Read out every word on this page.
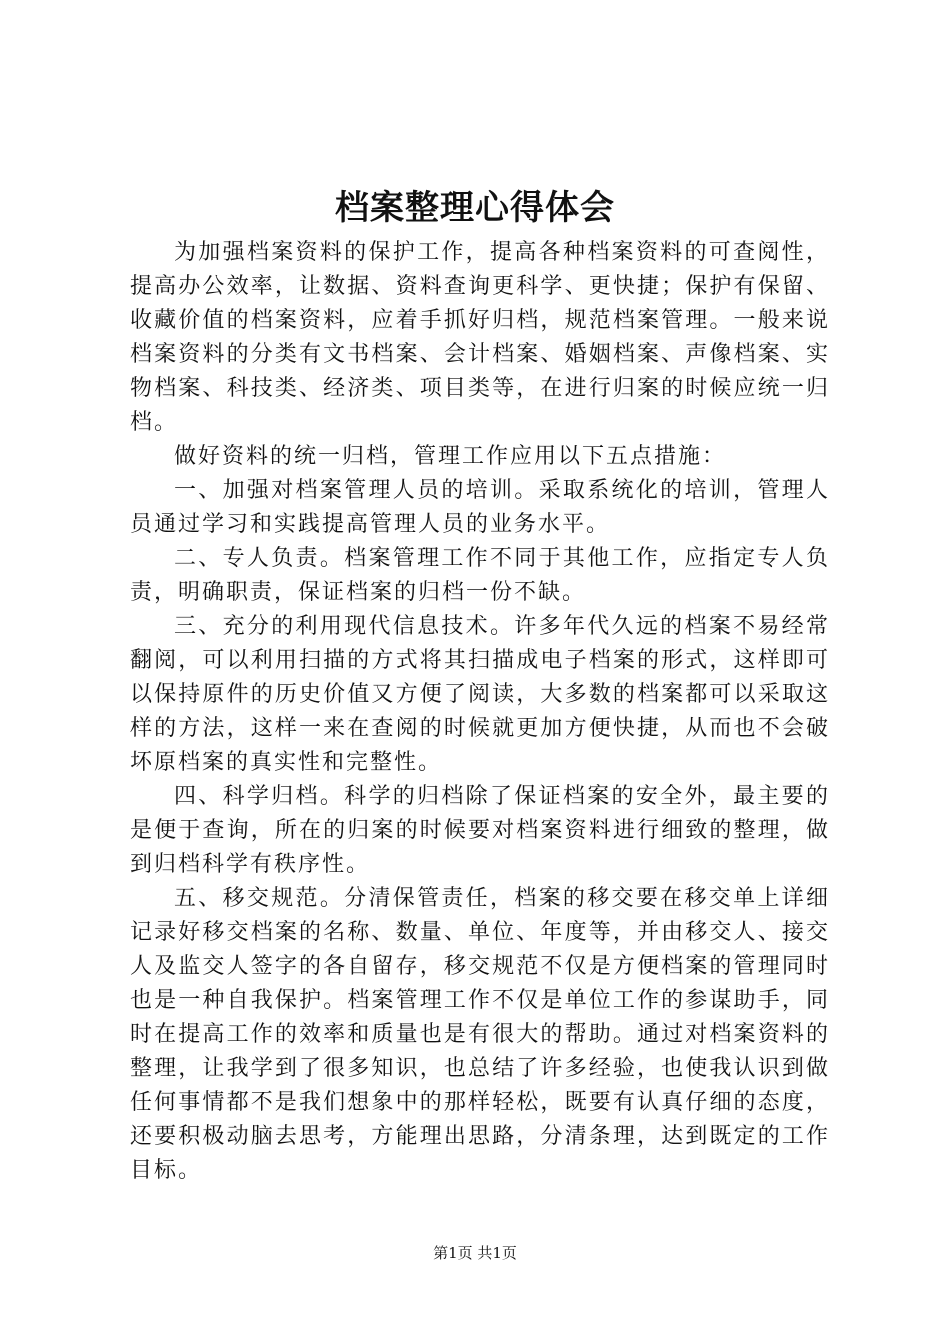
档案整理心得体会

为加强档案资料的保护工作，提高各种档案资料的可查阅性，提高办公效率，让数据、资料查询更科学、更快捷；保护有保留、收藏价值的档案资料，应着手抓好归档，规范档案管理。一般来说档案资料的分类有文书档案、会计档案、婚姻档案、声像档案、实物档案、科技类、经济类、项目类等，在进行归案的时候应统一归档。

做好资料的统一归档，管理工作应用以下五点措施：

一、加强对档案管理人员的培训。采取系统化的培训，管理人员通过学习和实践提高管理人员的业务水平。

二、专人负责。档案管理工作不同于其他工作，应指定专人负责，明确职责，保证档案的归档一份不缺。

三、充分的利用现代信息技术。许多年代久远的档案不易经常翻阅，可以利用扫描的方式将其扫描成电子档案的形式，这样即可以保持原件的历史价值又方便了阅读，大多数的档案都可以采取这样的方法，这样一来在查阅的时候就更加方便快捷，从而也不会破坏原档案的真实性和完整性。

四、科学归档。科学的归档除了保证档案的安全外，最主要的是便于查询，所在的归案的时候要对档案资料进行细致的整理，做到归档科学有秩序性。

五、移交规范。分清保管责任，档案的移交要在移交单上详细记录好移交档案的名称、数量、单位、年度等，并由移交人、接交人及监交人签字的各自留存，移交规范不仅是方便档案的管理同时也是一种自我保护。档案管理工作不仅是单位工作的参谋助手，同时在提高工作的效率和质量也是有很大的帮助。通过对档案资料的整理，让我学到了很多知识，也总结了许多经验，也使我认识到做任何事情都不是我们想象中的那样轻松，既要有认真仔细的态度，还要积极动脑去思考，方能理出思路，分清条理，达到既定的工作目标。

第1页 共1页
